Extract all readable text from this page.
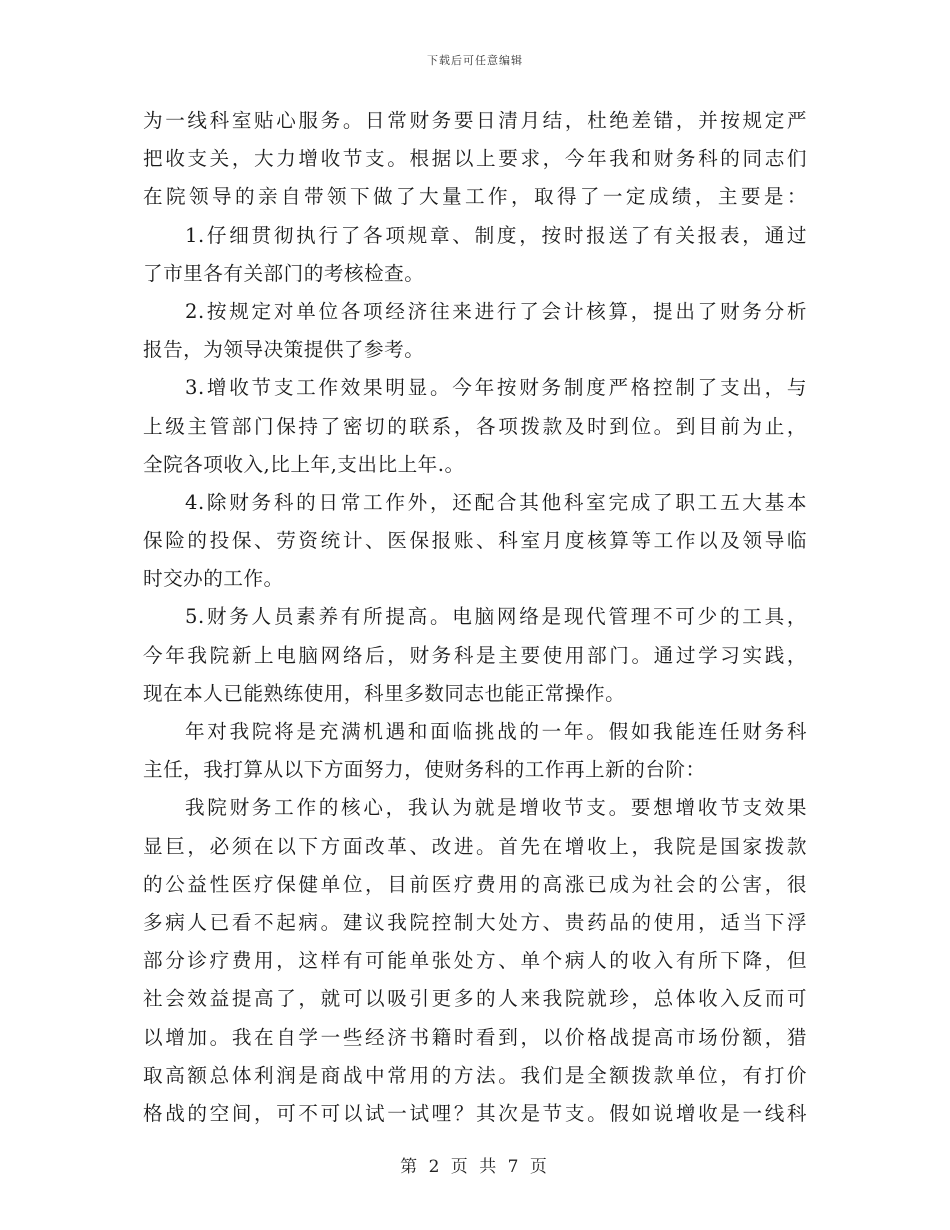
下载后可任意编辑
为一线科室贴心服务。日常财务要日清月结，杜绝差错，并按规定严
把收支关，大力增收节支。根据以上要求，今年我和财务科的同志们
在院领导的亲自带领下做了大量工作，取得了一定成绩，主要是：
1.仔细贯彻执行了各项规章、制度，按时报送了有关报表，通过
了市里各有关部门的考核检查。
2.按规定对单位各项经济往来进行了会计核算，提出了财务分析
报告，为领导决策提供了参考。
3.增收节支工作效果明显。今年按财务制度严格控制了支出，与
上级主管部门保持了密切的联系，各项拨款及时到位。到目前为止，
全院各项收入,比上年,支出比上年.。
4.除财务科的日常工作外，还配合其他科室完成了职工五大基本
保险的投保、劳资统计、医保报账、科室月度核算等工作以及领导临
时交办的工作。
5.财务人员素养有所提高。电脑网络是现代管理不可少的工具，
今年我院新上电脑网络后，财务科是主要使用部门。通过学习实践，
现在本人已能熟练使用，科里多数同志也能正常操作。
年对我院将是充满机遇和面临挑战的一年。假如我能连任财务科
主任，我打算从以下方面努力，使财务科的工作再上新的台阶：
我院财务工作的核心，我认为就是增收节支。要想增收节支效果
显巨，必须在以下方面改革、改进。首先在增收上，我院是国家拨款
的公益性医疗保健单位，目前医疗费用的高涨已成为社会的公害，很
多病人已看不起病。建议我院控制大处方、贵药品的使用，适当下浮
部分诊疗费用，这样有可能单张处方、单个病人的收入有所下降，但
社会效益提高了，就可以吸引更多的人来我院就珍，总体收入反而可
以增加。我在自学一些经济书籍时看到，以价格战提高市场份额，猎
取高额总体利润是商战中常用的方法。我们是全额拨款单位，有打价
格战的空间，可不可以试一试哩？其次是节支。假如说增收是一线科
第 2 页 共 7 页
